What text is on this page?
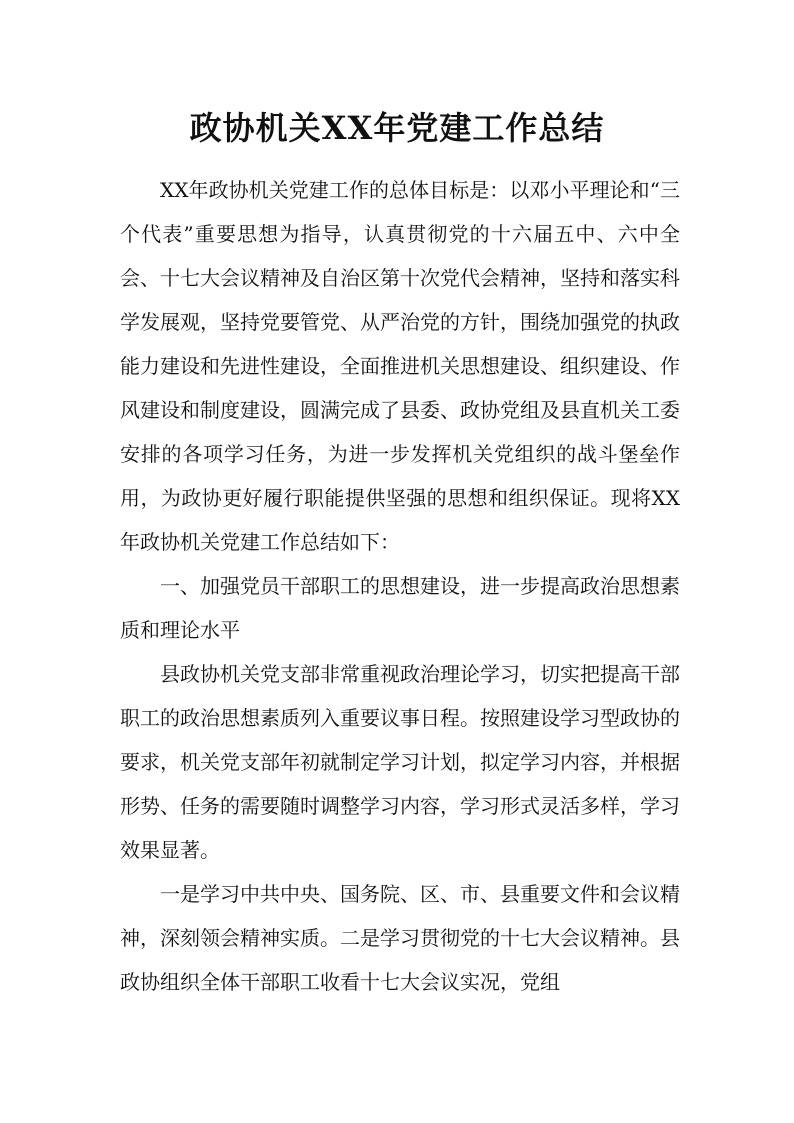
政协机关XX年党建工作总结

XX年政协机关党建工作的总体目标是：以邓小平理论和“三个代表”重要思想为指导，认真贯彻党的十六届五中、六中全会、十七大会议精神及自治区第十次党代会精神，坚持和落实科学发展观，坚持党要管党、从严治党的方针，围绕加强党的执政能力建设和先进性建设，全面推进机关思想建设、组织建设、作风建设和制度建设，圆满完成了县委、政协党组及县直机关工委安排的各项学习任务，为进一步发挥机关党组织的战斗堡垒作用，为政协更好履行职能提供坚强的思想和组织保证。现将XX年政协机关党建工作总结如下：

一、加强党员干部职工的思想建设，进一步提高政治思想素质和理论水平

县政协机关党支部非常重视政治理论学习，切实把提高干部职工的政治思想素质列入重要议事日程。按照建设学习型政协的要求，机关党支部年初就制定学习计划，拟定学习内容，并根据形势、任务的需要随时调整学习内容，学习形式灵活多样，学习效果显著。

一是学习中共中央、国务院、区、市、县重要文件和会议精神，深刻领会精神实质。二是学习贯彻党的十七大会议精神。县政协组织全体干部职工收看十七大会议实况，党组
